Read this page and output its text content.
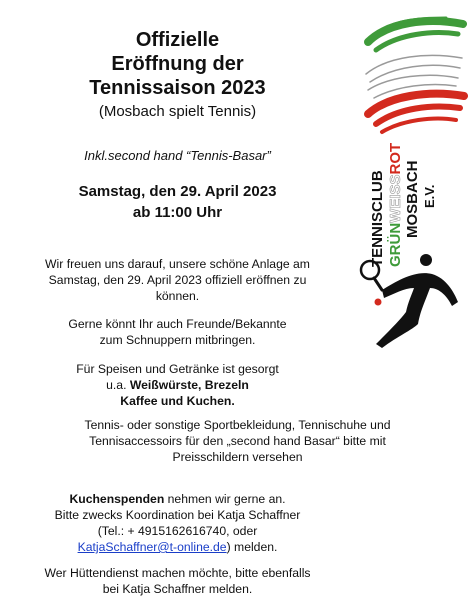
Offizielle
Eröffnung der
Tennissaison 2023
(Mosbach spielt Tennis)
Inkl.second hand “Tennis-Basar”
Samstag, den 29. April 2023
ab 11:00 Uhr
Wir freuen uns darauf, unsere schöne Anlage am
Samstag, den 29. April 2023 offiziell eröffnen zu
können.
Gerne könnt Ihr auch Freunde/Bekannte
zum Schnuppern mitbringen.
Für Speisen und Getränke ist gesorgt
u.a. Weißwürste, Brezeln
Kaffee und Kuchen.
Tennis- oder sonstige Sportbekleidung, Tennischuhe und
Tennisaccessoirs für den „second hand Basar“ bitte mit
Preisschildern versehen
Kuchenspenden nehmen wir gerne an.
Bitte zwecks Koordination bei Katja Schaffner
(Tel.: + 4915162616740, oder
KatjaSchaffner@t-online.de) melden.
Wer Hüttendienst machen möchte, bitte ebenfalls
bei Katja Schaffner melden.
TENNISCLUB GRÜNWEISSROT
MOSBACH E.V.
